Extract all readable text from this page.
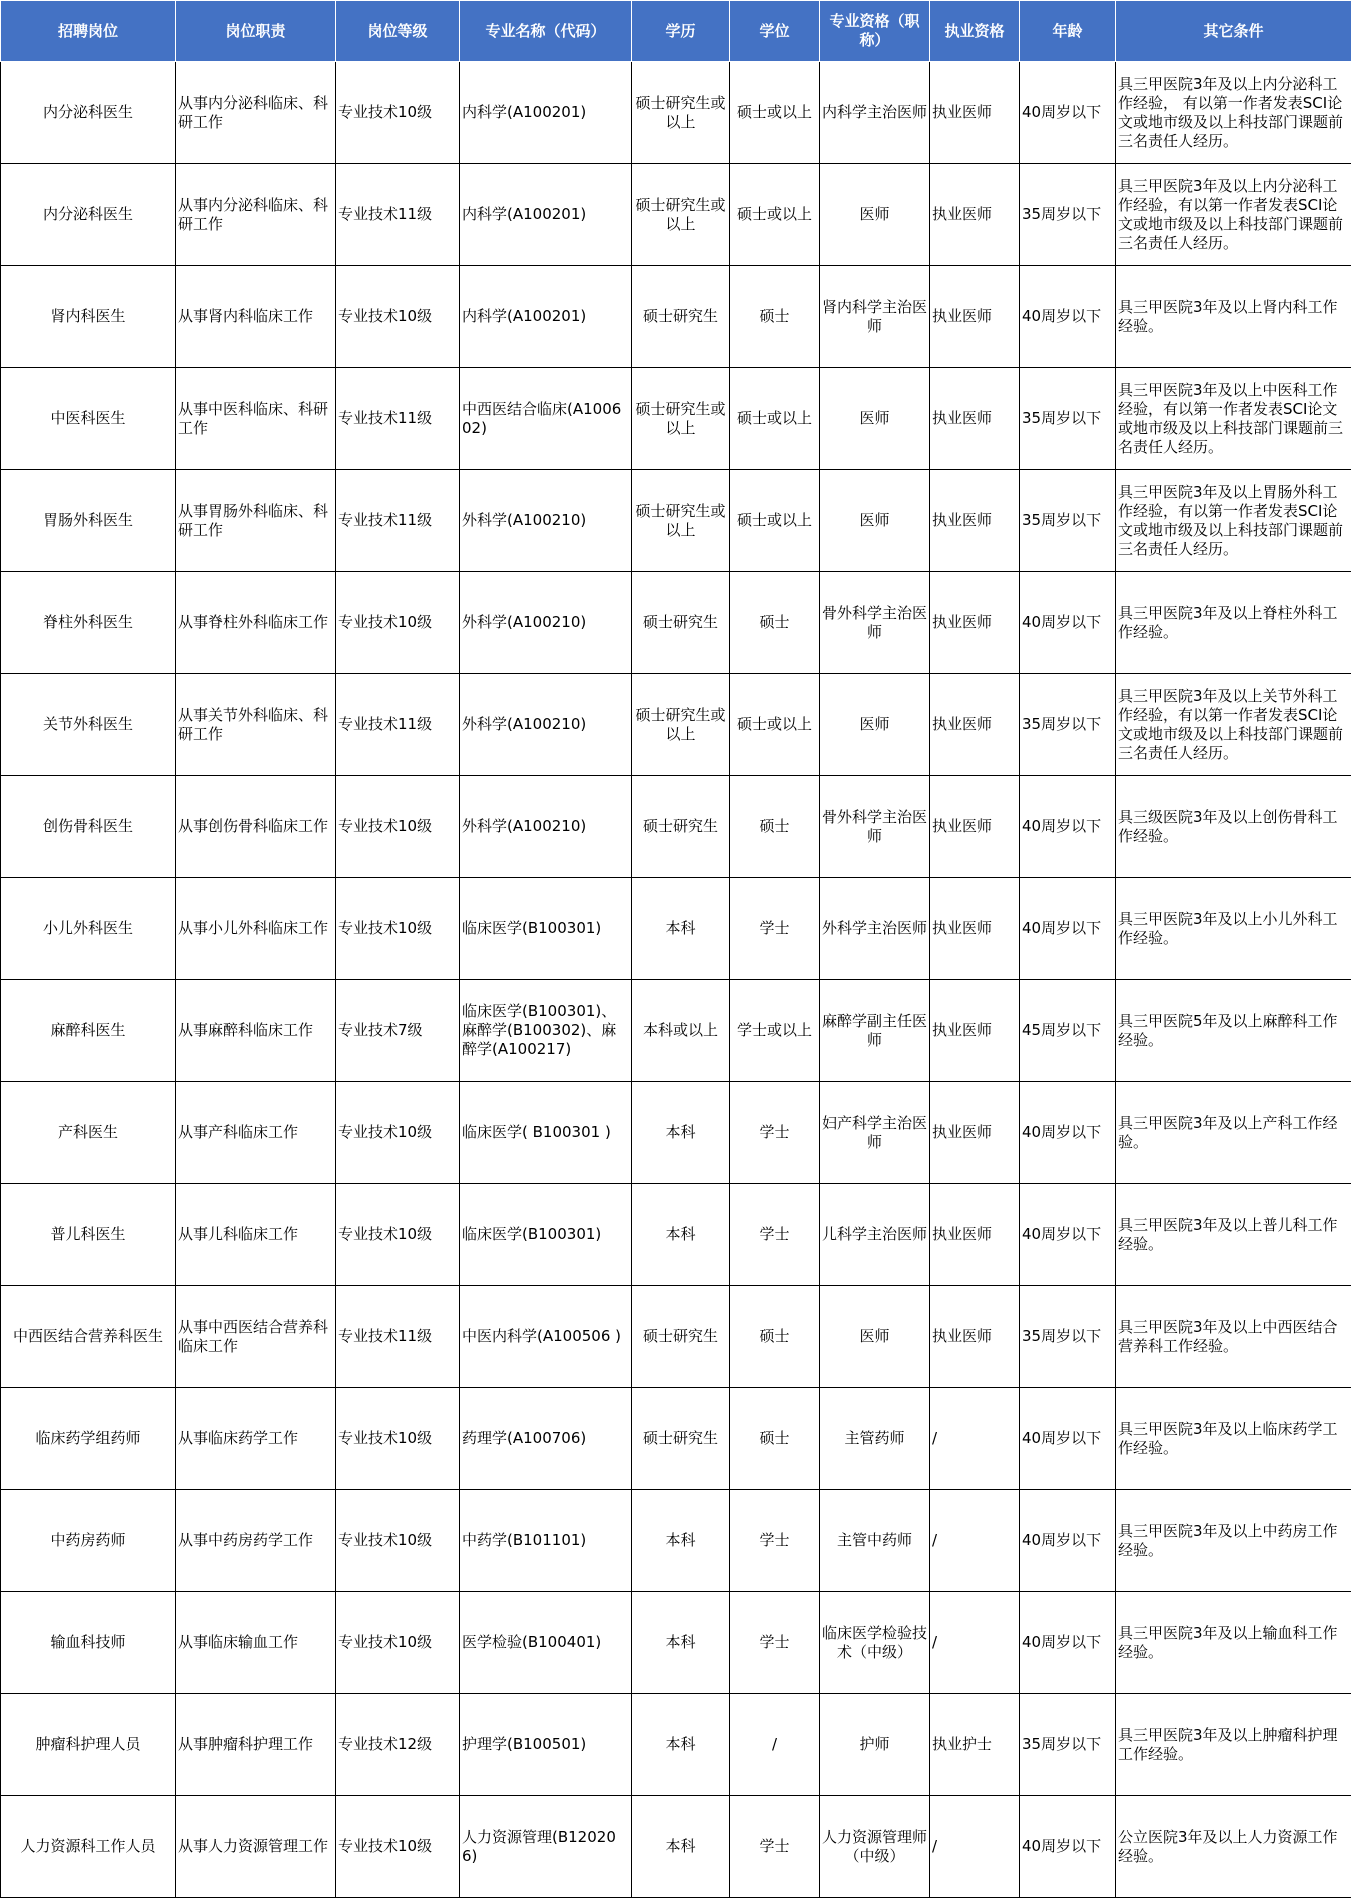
招聘岗位	岗位职责	岗位等级	专业名称（代码）	学历	学位	专业资格（职称）	执业资格	年龄	其它条件
内分泌科医生	从事内分泌科临床、科研工作	专业技术10级	内科学(A100201)	硕士研究生或以上	硕士或以上	内科学主治医师	执业医师	40周岁以下	具三甲医院3年及以上内分泌科工作经验， 有以第一作者发表SCI论文或地市级及以上科技部门课题前三名责任人经历。
内分泌科医生	从事内分泌科临床、科研工作	专业技术11级	内科学(A100201)	硕士研究生或以上	硕士或以上	医师	执业医师	35周岁以下	具三甲医院3年及以上内分泌科工作经验，有以第一作者发表SCI论文或地市级及以上科技部门课题前三名责任人经历。
肾内科医生	从事肾内科临床工作	专业技术10级	内科学(A100201)	硕士研究生	硕士	肾内科学主治医师	执业医师	40周岁以下	具三甲医院3年及以上肾内科工作经验。
中医科医生	从事中医科临床、科研工作	专业技术11级	中西医结合临床(A100602)	硕士研究生或以上	硕士或以上	医师	执业医师	35周岁以下	具三甲医院3年及以上中医科工作经验，有以第一作者发表SCI论文或地市级及以上科技部门课题前三名责任人经历。
胃肠外科医生	从事胃肠外科临床、科研工作	专业技术11级	外科学(A100210)	硕士研究生或以上	硕士或以上	医师	执业医师	35周岁以下	具三甲医院3年及以上胃肠外科工作经验，有以第一作者发表SCI论文或地市级及以上科技部门课题前三名责任人经历。
脊柱外科医生	从事脊柱外科临床工作	专业技术10级	外科学(A100210)	硕士研究生	硕士	骨外科学主治医师	执业医师	40周岁以下	具三甲医院3年及以上脊柱外科工作经验。
关节外科医生	从事关节外科临床、科研工作	专业技术11级	外科学(A100210)	硕士研究生或以上	硕士或以上	医师	执业医师	35周岁以下	具三甲医院3年及以上关节外科工作经验，有以第一作者发表SCI论文或地市级及以上科技部门课题前三名责任人经历。
创伤骨科医生	从事创伤骨科临床工作	专业技术10级	外科学(A100210)	硕士研究生	硕士	骨外科学主治医师	执业医师	40周岁以下	具三级医院3年及以上创伤骨科工作经验。
小儿外科医生	从事小儿外科临床工作	专业技术10级	临床医学(B100301)	本科	学士	外科学主治医师	执业医师	40周岁以下	具三甲医院3年及以上小儿外科工作经验。
麻醉科医生	从事麻醉科临床工作	专业技术7级	临床医学(B100301)、麻醉学(B100302)、麻醉学(A100217)	本科或以上	学士或以上	麻醉学副主任医师	执业医师	45周岁以下	具三甲医院5年及以上麻醉科工作经验。
产科医生	从事产科临床工作	专业技术10级	临床医学( B100301 )	本科	学士	妇产科学主治医师	执业医师	40周岁以下	具三甲医院3年及以上产科工作经验。
普儿科医生	从事儿科临床工作	专业技术10级	临床医学(B100301)	本科	学士	儿科学主治医师	执业医师	40周岁以下	具三甲医院3年及以上普儿科工作经验。
中西医结合营养科医生	从事中西医结合营养科临床工作	专业技术11级	中医内科学(A100506 )	硕士研究生	硕士	医师	执业医师	35周岁以下	具三甲医院3年及以上中西医结合营养科工作经验。
临床药学组药师	从事临床药学工作	专业技术10级	药理学(A100706)	硕士研究生	硕士	主管药师	/	40周岁以下	具三甲医院3年及以上临床药学工作经验。
中药房药师	从事中药房药学工作	专业技术10级	中药学(B101101)	本科	学士	主管中药师	/	40周岁以下	具三甲医院3年及以上中药房工作经验。
输血科技师	从事临床输血工作	专业技术10级	医学检验(B100401)	本科	学士	临床医学检验技术（中级）	/	40周岁以下	具三甲医院3年及以上输血科工作经验。
肿瘤科护理人员	从事肿瘤科护理工作	专业技术12级	护理学(B100501)	本科	/	护师	执业护士	35周岁以下	具三甲医院3年及以上肿瘤科护理工作经验。
人力资源科工作人员	从事人力资源管理工作	专业技术10级	人力资源管理(B120206)	本科	学士	人力资源管理师（中级）	/	40周岁以下	公立医院3年及以上人力资源工作经验。
